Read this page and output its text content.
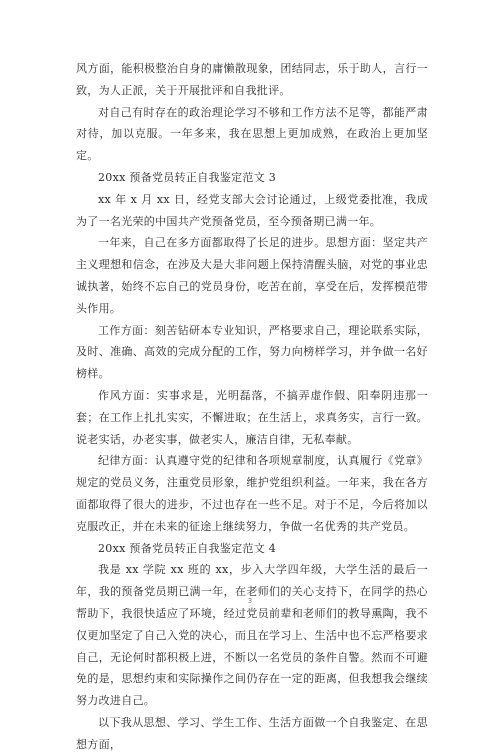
风方面，能积极整治自身的庸懒散现象，团结同志，乐于助人，言行一致，为人正派，关于开展批评和自我批评。

对自己有时存在的政治理论学习不够和工作方法不足等，都能严肃对待，加以克服。一年多来，我在思想上更加成熟，在政治上更加坚定。

20xx 预备党员转正自我鉴定范文 3

xx 年 x 月 xx 日，经党支部大会讨论通过，上级党委批准，我成为了一名光荣的中国共产党预备党员，至今预备期已满一年。

一年来，自己在多方面都取得了长足的进步。思想方面：坚定共产主义理想和信念，在涉及大是大非问题上保持清醒头脑，对党的事业忠诚执著，始终不忘自己的党员身份，吃苦在前，享受在后，发挥模范带头作用。

工作方面：刻苦钻研本专业知识，严格要求自己，理论联系实际，及时、准确、高效的完成分配的工作，努力向榜样学习，并争做一名好榜样。

作风方面：实事求是，光明磊落，不搞弄虚作假、阳奉阴违那一套；在工作上扎扎实实，不懈进取；在生活上，求真务实，言行一致。说老实话，办老实事，做老实人，廉洁自律，无私奉献。

纪律方面：认真遵守党的纪律和各项规章制度，认真履行《党章》规定的党员义务，注重党员形象，维护党组织利益。一年来，我在各方面都取得了很大的进步，不过也存在一些不足。对于不足，今后将加以克服改正，并在未来的征途上继续努力，争做一名优秀的共产党员。

20xx 预备党员转正自我鉴定范文 4

我是 xx 学院 xx 班的 xx，步入大学四年级，大学生活的最后一年，我的预备党员期已满一年，在老师们的关心支持下，在同学的热心帮助下，我很快适应了环境，经过党员前辈和老师们的教导熏陶，我不仅更加坚定了自己入党的决心，而且在学习上、生活中也不忘严格要求自己，无论何时都积极上进，不断以一名党员的条件自警。然而不可避免的是，思想约束和实际操作之间仍存在一定的距离，但我想我会继续努力改进自己。

以下我从思想、学习、学生工作、生活方面做一个自我鉴定、在思想方面，

3
